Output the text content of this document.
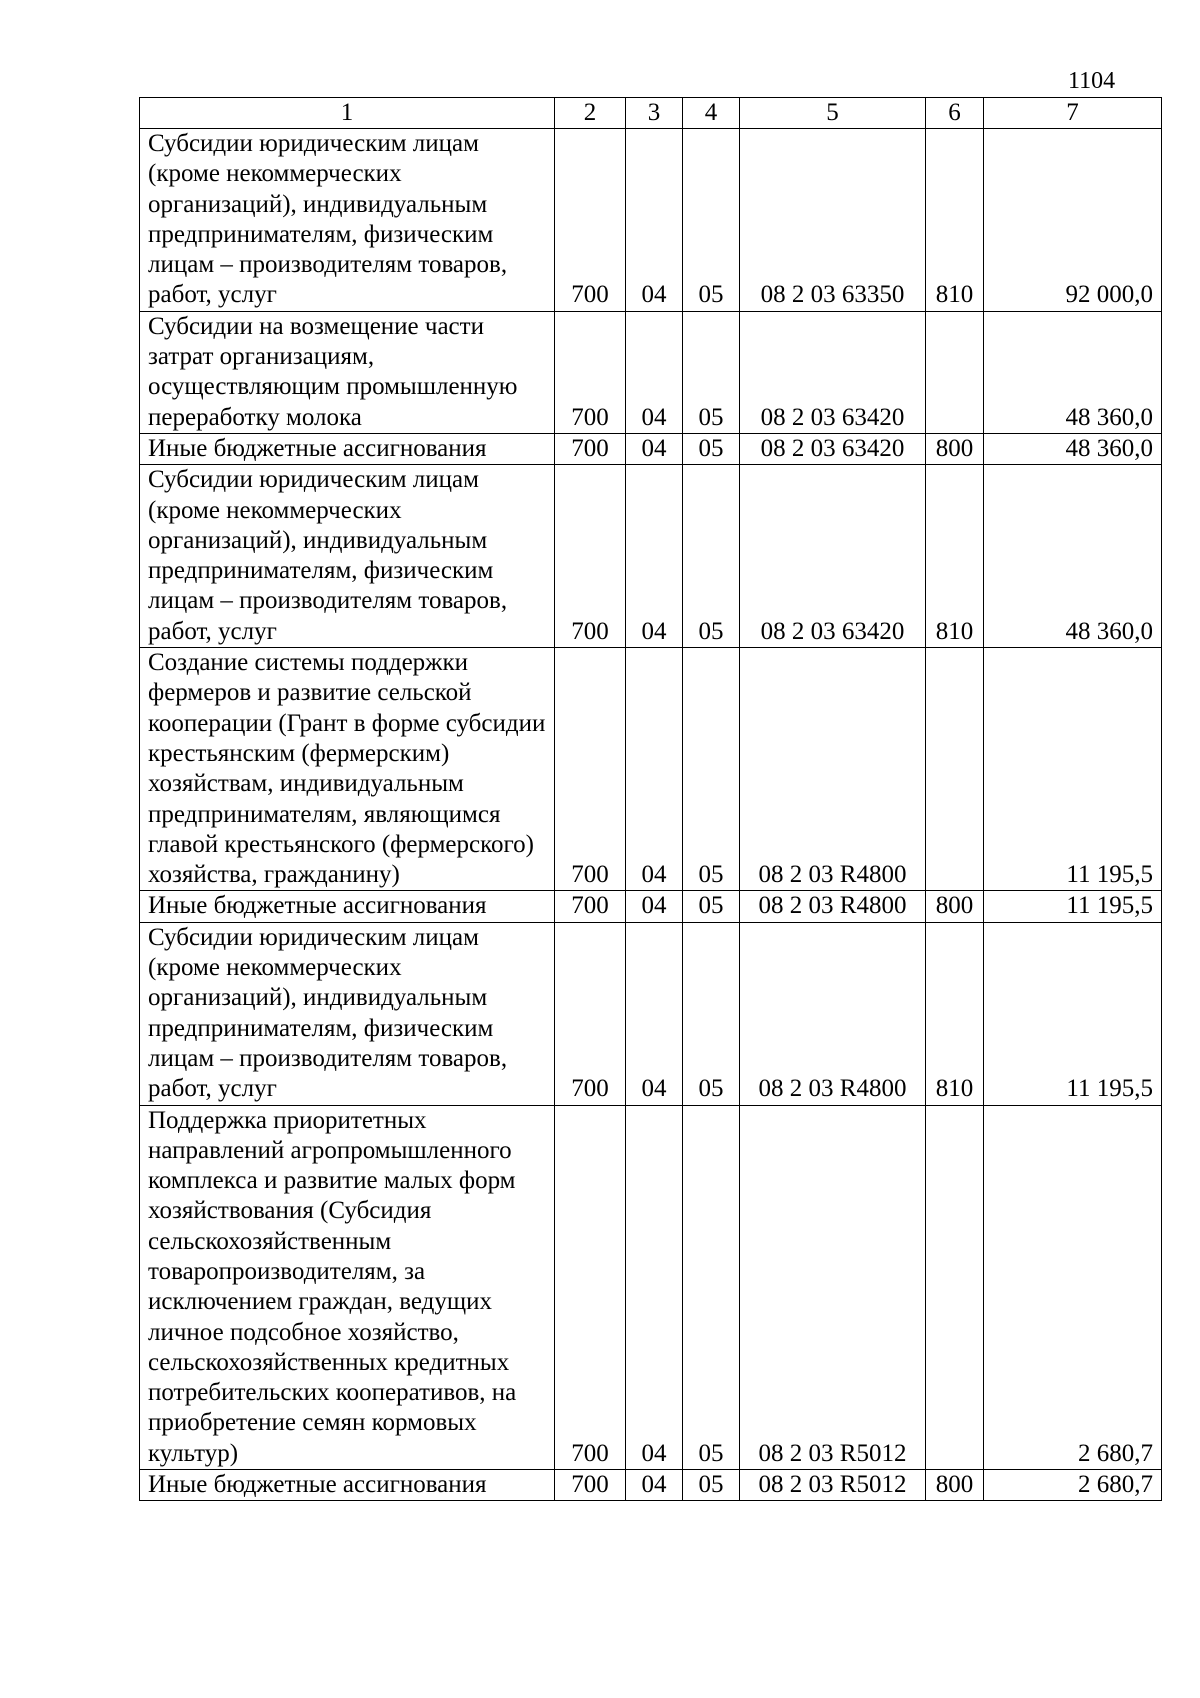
1104
1	2	3	4	5	6	7
Субсидии юридическим лицам (кроме некоммерческих организаций), индивидуальным предпринимателям, физическим лицам – производителям товаров, работ, услуг	700	04	05	08 2 03 63350	810	92 000,0
Субсидии на возмещение части затрат организациям, осуществляющим промышленную переработку молока	700	04	05	08 2 03 63420		48 360,0
Иные бюджетные ассигнования	700	04	05	08 2 03 63420	800	48 360,0
Субсидии юридическим лицам (кроме некоммерческих организаций), индивидуальным предпринимателям, физическим лицам – производителям товаров, работ, услуг	700	04	05	08 2 03 63420	810	48 360,0
Создание системы поддержки фермеров и развитие сельской кооперации (Грант в форме субсидии крестьянским (фермерским) хозяйствам, индивидуальным предпринимателям, являющимся главой крестьянского (фермерского) хозяйства, гражданину)	700	04	05	08 2 03 R4800		11 195,5
Иные бюджетные ассигнования	700	04	05	08 2 03 R4800	800	11 195,5
Субсидии юридическим лицам (кроме некоммерческих организаций), индивидуальным предпринимателям, физическим лицам – производителям товаров, работ, услуг	700	04	05	08 2 03 R4800	810	11 195,5
Поддержка приоритетных направлений агропромышленного комплекса и развитие малых форм хозяйствования (Субсидия сельскохозяйственным товаропроизводителям, за исключением граждан, ведущих личное подсобное хозяйство, сельскохозяйственных кредитных потребительских кооперативов, на приобретение семян кормовых культур)	700	04	05	08 2 03 R5012		2 680,7
Иные бюджетные ассигнования	700	04	05	08 2 03 R5012	800	2 680,7
